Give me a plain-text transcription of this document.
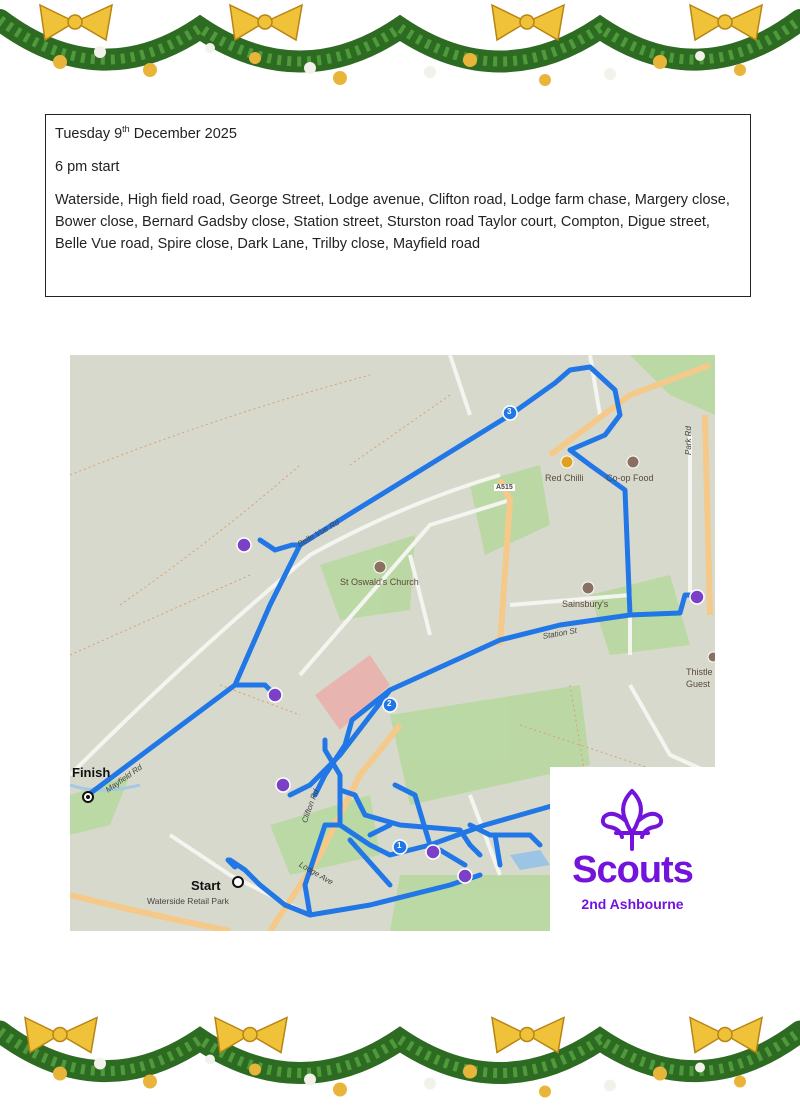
Tuesday 9th December 2025

6 pm start

Waterside, High field road, George Street, Lodge avenue, Clifton road, Lodge farm chase, Margery close, Bower close, Bernard Gadsby close, Station street, Sturston road Taylor court, Compton, Digue street, Belle Vue road, Spire close, Dark Lane, Trilby close, Mayfield road

3
2
1
Red Chilli Co-op Food
St Oswald's Church
Sainsbury's
Thistle
Guest
Waterside Retail Park
A515
Park Rd
Belle Vue Rd
Station St
Mayfield Rd
Clifton Rd
Lodge Ave
Finish
Start	Scouts
2nd Ashbourne
